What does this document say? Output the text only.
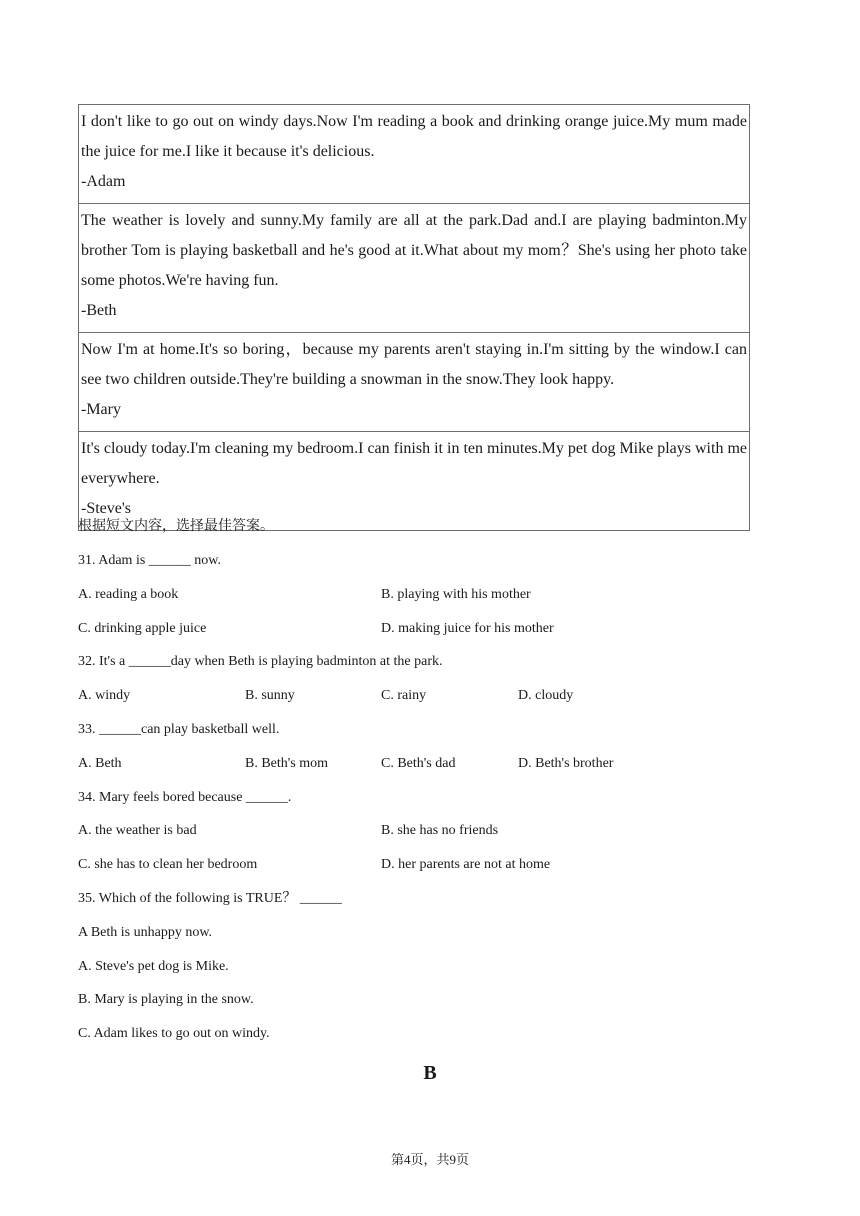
I don't like to go out on windy days.Now I'm reading a book and drinking orange juice.My mum made the juice for me.I like it because it's delicious.
-Adam

The weather is lovely and sunny.My family are all at the park.Dad and.I are playing badminton.My brother Tom is playing basketball and he's good at it.What about my mom？She's using her photo take some photos.We're having fun.
-Beth

Now I'm at home.It's so boring，because my parents aren't staying in.I'm sitting by the window.I can see two children outside.They're building a snowman in the snow.They look happy.
-Mary

It's cloudy today.I'm cleaning my bedroom.I can finish it in ten minutes.My pet dog Mike plays with me everywhere.
-Steve's
根据短文内容，选择最佳答案。
31. Adam is ______ now.
A. reading a book	B. playing with his mother
C. drinking apple juice	D. making juice for his mother
32. It's a ______day when Beth is playing badminton at the park.
A. windy	B. sunny	C. rainy	D. cloudy
33. ______can play basketball well.
A. Beth	B. Beth's mom	C. Beth's dad	D. Beth's brother
34. Mary feels bored because ______.
A. the weather is bad	B. she has no friends
C. she has to clean her bedroom	D. her parents are not at home
35. Which of the following is TRUE？ ______
A Beth is unhappy now.
A. Steve's pet dog is Mike.
B. Mary is playing in the snow.
C. Adam likes to go out on windy.
B
第4页，共9页
